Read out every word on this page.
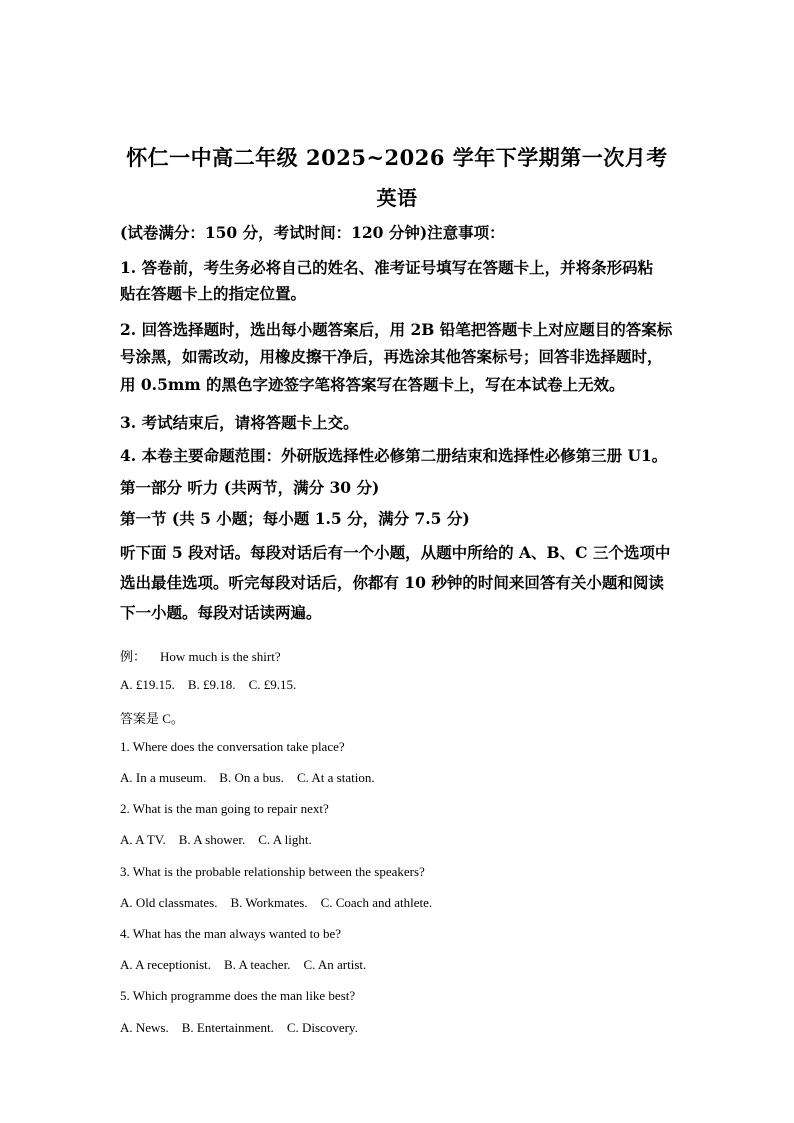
怀仁一中高二年级 2025~2026 学年下学期第一次月考
英语
(试卷满分：150 分，考试时间：120 分钟)注意事项：
1. 答卷前，考生务必将自己的姓名、准考证号填写在答题卡上，并将条形码粘
贴在答题卡上的指定位置。
2. 回答选择题时，选出每小题答案后，用 2B 铅笔把答题卡上对应题目的答案标
号涂黑，如需改动，用橡皮擦干净后，再选涂其他答案标号；回答非选择题时，
用 0.5mm 的黑色字迹签字笔将答案写在答题卡上，写在本试卷上无效。
3. 考试结束后，请将答题卡上交。
4. 本卷主要命题范围：外研版选择性必修第二册结束和选择性必修第三册 U1。
第一部分 听力 (共两节，满分 30 分)
第一节 (共 5 小题；每小题 1.5 分，满分 7.5 分)
听下面 5 段对话。每段对话后有一个小题，从题中所给的 A、B、C 三个选项中
选出最佳选项。听完每段对话后，你都有 10 秒钟的时间来回答有关小题和阅读
下一小题。每段对话读两遍。
例： How much is the shirt?
A. £19.15. B. £9.18. C. £9.15.
答案是 C。
1. Where does the conversation take place?
A. In a museum. B. On a bus. C. At a station.
2. What is the man going to repair next?
A. A TV. B. A shower. C. A light.
3. What is the probable relationship between the speakers?
A. Old classmates. B. Workmates. C. Coach and athlete.
4. What has the man always wanted to be?
A. A receptionist. B. A teacher. C. An artist.
5. Which programme does the man like best?
A. News. B. Entertainment. C. Discovery.
